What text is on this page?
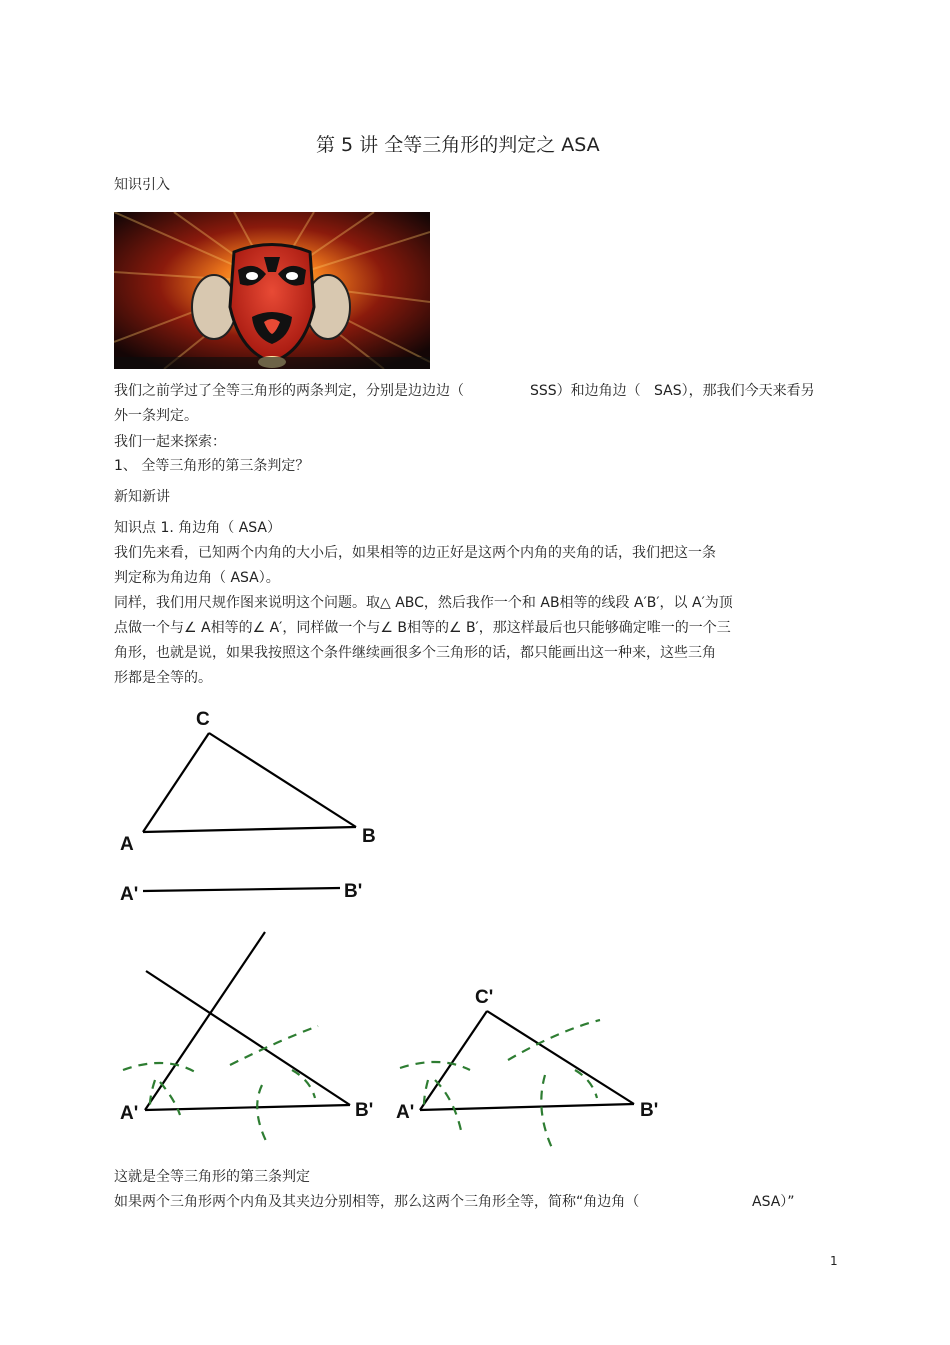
第 5 讲 全等三角形的判定之 ASA
知识引入
我们之前学过了全等三角形的两条判定，分别是边边边（	SSS）和边角边（ SAS），那我们今天来看另
外一条判定。
我们一起来探索：
1、 全等三角形的第三条判定？
新知新讲
知识点 1. 角边角（ ASA）
我们先来看，已知两个内角的大小后，如果相等的边正好是这两个内角的夹角的话，我们把这一条
判定称为角边角（ ASA）。
同样，我们用尺规作图来说明这个问题。取△ ABC，然后我作一个和 AB相等的线段 A′B′，以 A′为顶
点做一个与∠ A相等的∠ A′，同样做一个与∠ B相等的∠ B′，那这样最后也只能够确定唯一的一个三
角形，也就是说，如果我按照这个条件继续画很多个三角形的话，都只能画出这一种来，这些三角
形都是全等的。
C
A	B
A'	B'
A'	B'
C'
A'	B'
这就是全等三角形的第三条判定
如果两个三角形两个内角及其夹边分别相等，那么这两个三角形全等，简称“角边角（	ASA）”
1
